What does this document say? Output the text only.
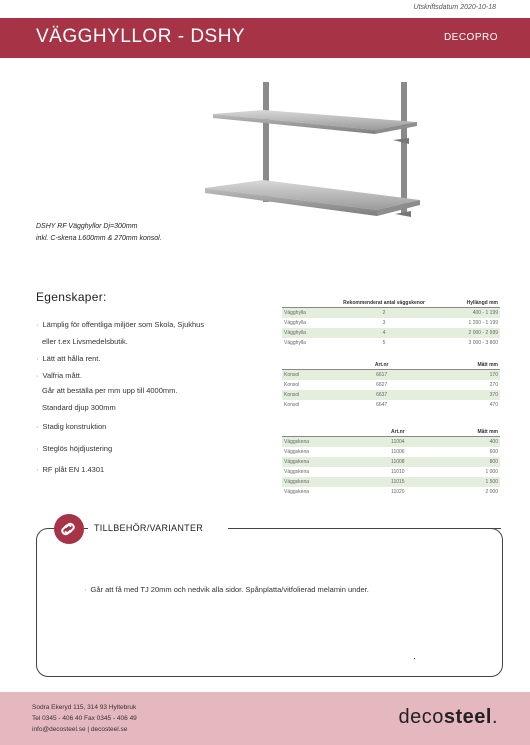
Utskriftsdatum 2020-10-18
VÄGGHYLLOR - DSHY	DECOPRO
DSHY RF Vägghyllor Dj=300mm
inkl. C-skena L600mm & 270mm konsol.
Egenskaper:
· Lämplig för offentliga miljöer som Skola, Sjukhus
eller t.ex Livsmedelsbutik.
· Lätt att hålla rent.
· Valfria mått.
Går att beställa per mm upp till 4000mm.
Standard djup 300mm
· Stadig konstruktion
· Steglös höjdjustering
· RF plåt EN 1.4301
	Rekommenderat antal väggskenor	Hyllängd mm
Vägghylla	2	400 - 1 199
Vägghylla	3	1 200 - 1 199
Vägghylla	4	2 000 - 2 999
Vägghylla	5	3 000 - 3 800
	Art.nr	Mått mm
Konsol	6617	170
Konsol	6627	270
Konsol	6637	370
Konsol	6647	470
	Art.nr	Mått mm
Väggskena	11004	400
Väggskena	11006	600
Väggskena	11008	800
Väggskena	11010	1 000
Väggskena	11015	1 500
Väggskena	11020	2 000
TILLBEHÖR/VARIANTER
· Går att få med TJ 20mm och nedvik alla sidor. Spånplatta/vitfolierad melamin under.
Sodra Ekeryd 115, 314 93 Hyltebruk
Tel 0345 - 406 40 Fax 0345 - 406 49
info@decosteel.se | decosteel.se
decosteel.
